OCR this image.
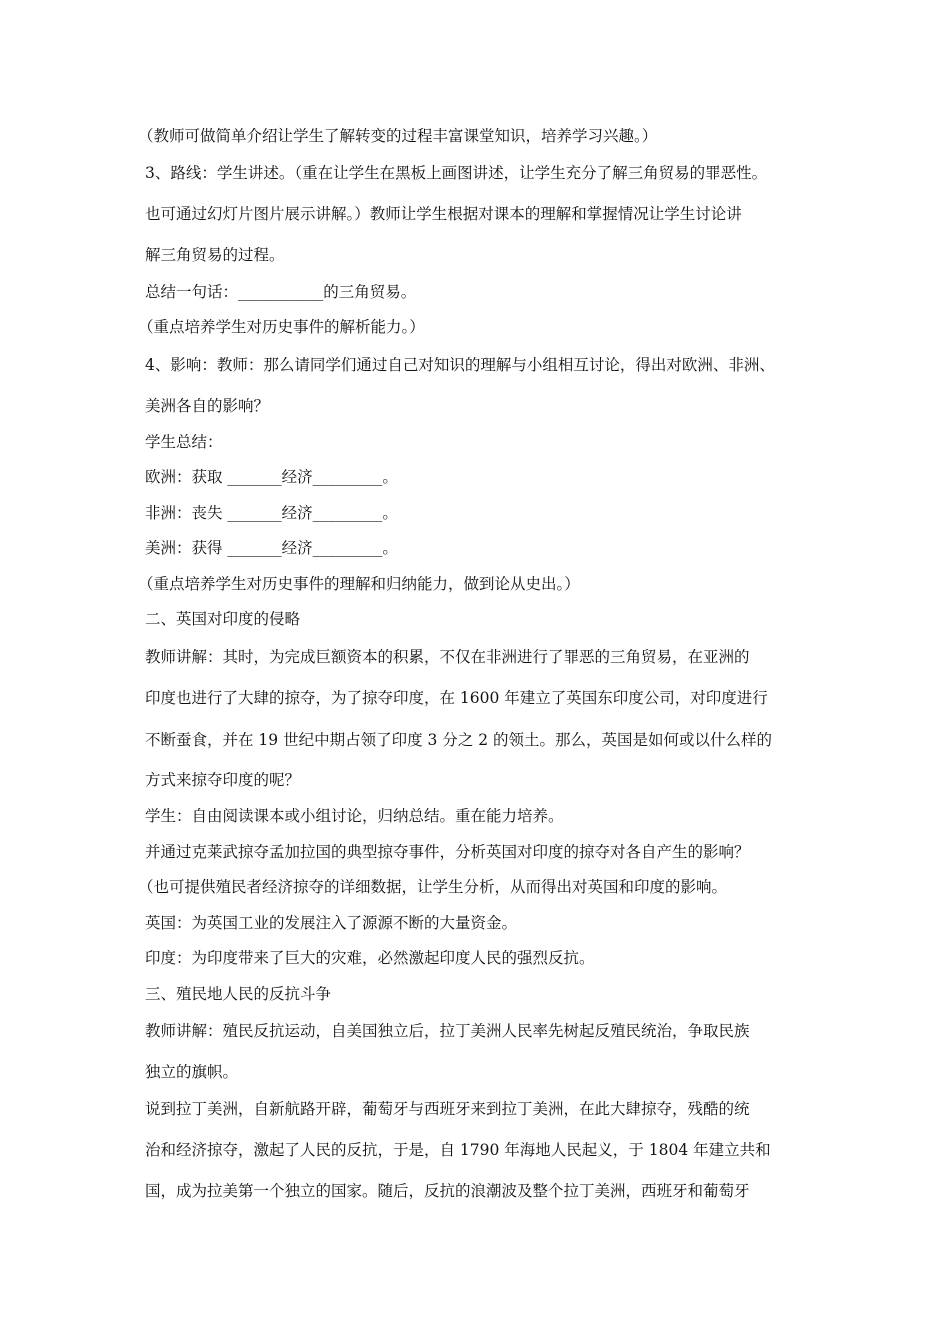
（教师可做简单介绍让学生了解转变的过程丰富课堂知识，培养学习兴趣。）
3、路线：学生讲述。（重在让学生在黑板上画图讲述，让学生充分了解三角贸易的罪恶性。
也可通过幻灯片图片展示讲解。）教师让学生根据对课本的理解和掌握情况让学生讨论讲
解三角贸易的过程。
总结一句话：___________的三角贸易。
（重点培养学生对历史事件的解析能力。）
4、影响：教师：那么请同学们通过自己对知识的理解与小组相互讨论，得出对欧洲、非洲、
美洲各自的影响？
学生总结：
欧洲：获取 _______经济_________。
非洲：丧失 _______经济_________。
美洲：获得 _______经济_________。
（重点培养学生对历史事件的理解和归纳能力，做到论从史出。）
二、英国对印度的侵略
教师讲解：其时，为完成巨额资本的积累，不仅在非洲进行了罪恶的三角贸易，在亚洲的
印度也进行了大肆的掠夺，为了掠夺印度，在 1600 年建立了英国东印度公司，对印度进行
不断蚕食，并在 19 世纪中期占领了印度 3 分之 2 的领土。那么，英国是如何或以什么样的
方式来掠夺印度的呢？
学生：自由阅读课本或小组讨论，归纳总结。重在能力培养。
并通过克莱武掠夺孟加拉国的典型掠夺事件，分析英国对印度的掠夺对各自产生的影响？
（也可提供殖民者经济掠夺的详细数据，让学生分析，从而得出对英国和印度的影响。
英国：为英国工业的发展注入了源源不断的大量资金。
印度：为印度带来了巨大的灾难，必然激起印度人民的强烈反抗。
三、殖民地人民的反抗斗争
教师讲解：殖民反抗运动，自美国独立后，拉丁美洲人民率先树起反殖民统治，争取民族
独立的旗帜。
说到拉丁美洲，自新航路开辟，葡萄牙与西班牙来到拉丁美洲，在此大肆掠夺，残酷的统
治和经济掠夺，激起了人民的反抗，于是，自 1790 年海地人民起义，于 1804 年建立共和
国，成为拉美第一个独立的国家。随后，反抗的浪潮波及整个拉丁美洲，西班牙和葡萄牙
